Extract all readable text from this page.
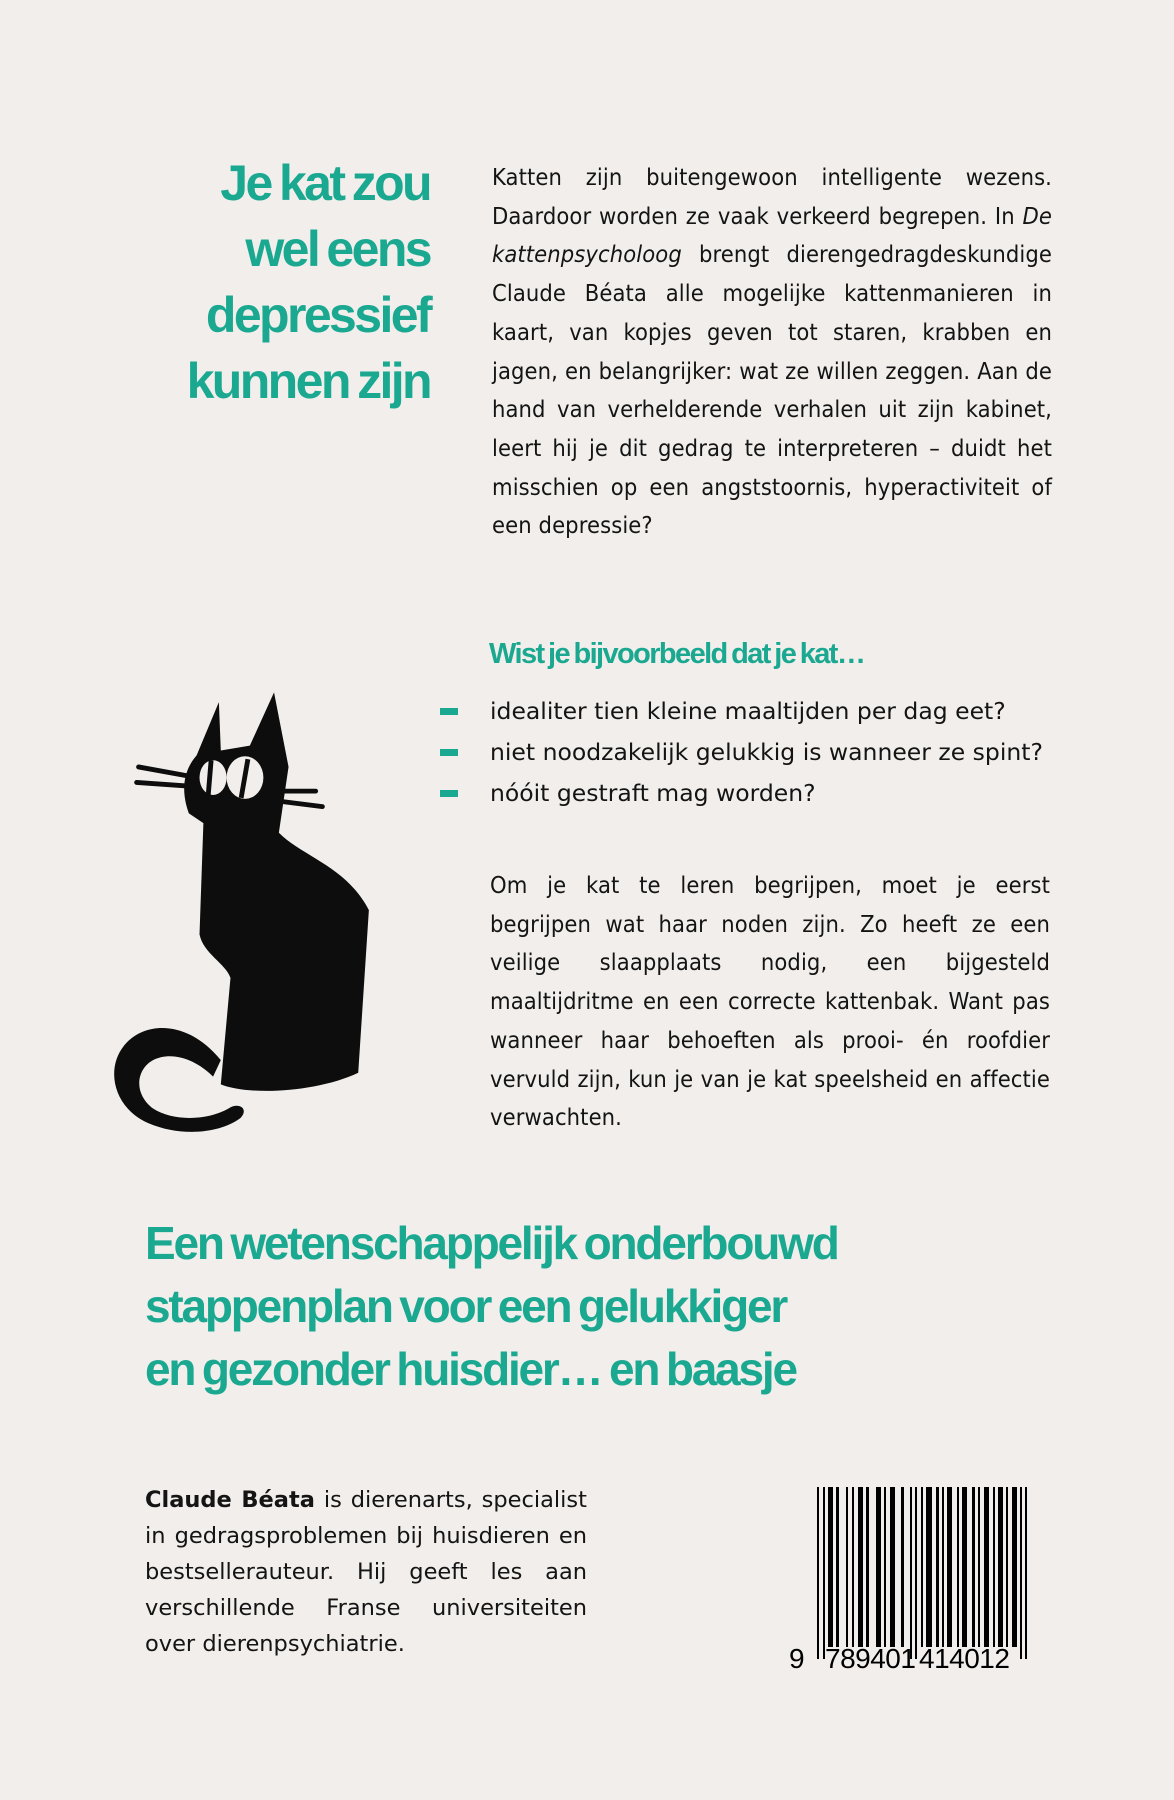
Je kat zou
wel eens
depressief
kunnen zijn

Katten zijn buitengewoon intelligente wezens. Daardoor worden ze vaak verkeerd begrepen. In De kattenpsycholoog brengt dierengedragdeskundige Claude Béata alle mogelijke kattenmanieren in kaart, van kopjes geven tot staren, krabben en jagen, en belangrijker: wat ze willen zeggen. Aan de hand van verhelderende verhalen uit zijn kabinet, leert hij je dit gedrag te interpreteren – duidt het misschien op een angststoornis, hyperactiviteit of een depressie?

Wist je bijvoorbeeld dat je kat…
idealiter tien kleine maaltijden per dag eet?
niet noodzakelijk gelukkig is wanneer ze spint?
nóóit gestraft mag worden?

Om je kat te leren begrijpen, moet je eerst begrijpen wat haar noden zijn. Zo heeft ze een veilige slaapplaats nodig, een bijgesteld maaltijdritme en een correcte kattenbak. Want pas wanneer haar behoeften als prooi- én roofdier vervuld zijn, kun je van je kat speelsheid en affectie verwachten.

Een wetenschappelijk onderbouwd
stappenplan voor een gelukkiger
en gezonder huisdier… en baasje

Claude Béata is dierenarts, specialist in gedragsproblemen bij huisdieren en bestsellerauteur. Hij geeft les aan verschillende Franse universiteiten over dierenpsychiatrie.	9 789401 414012
